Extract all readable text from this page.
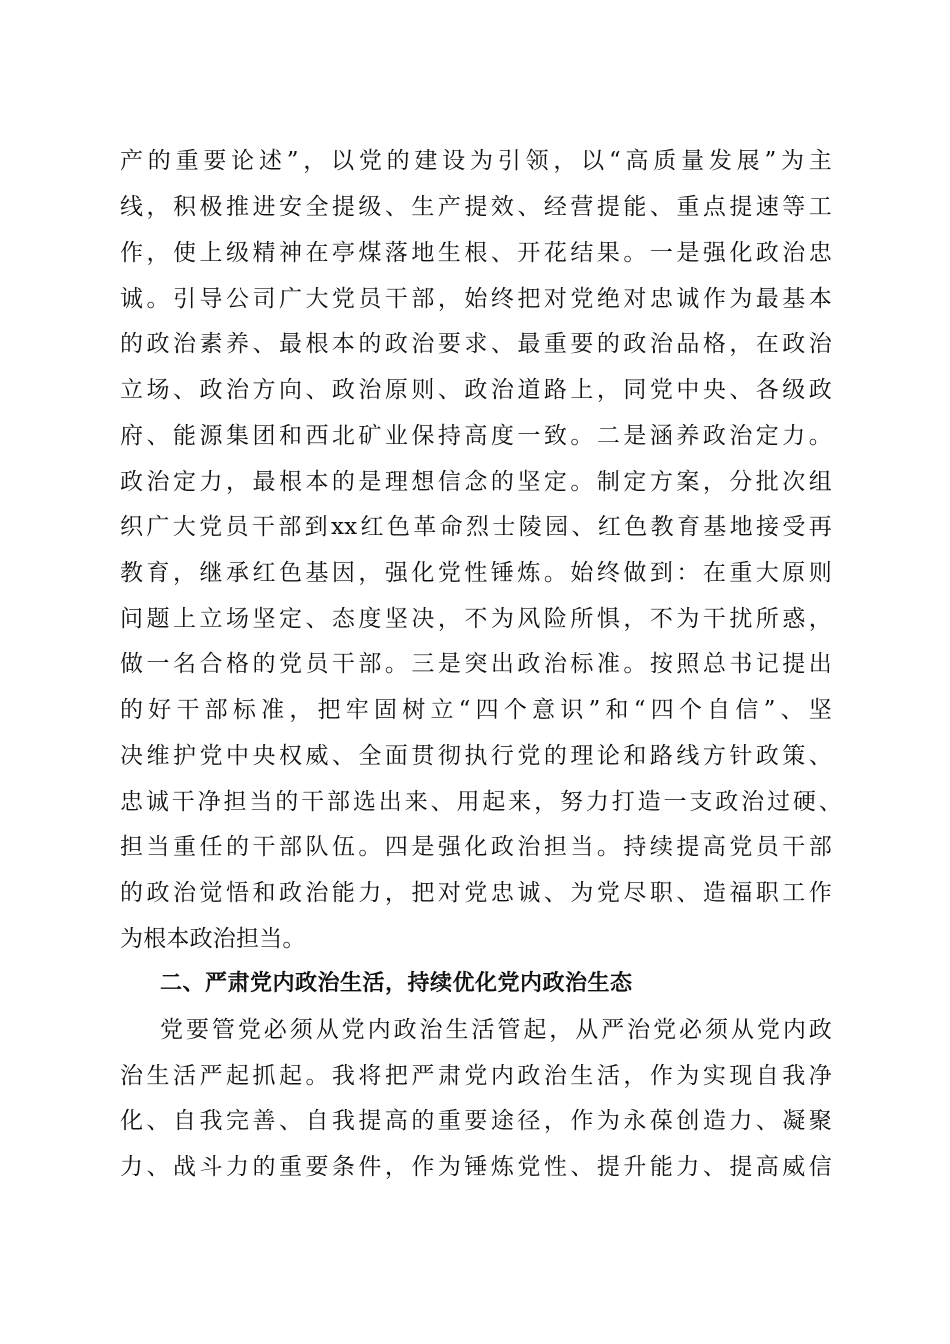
产的重要论述”，以党的建设为引领，以“高质量发展”为主
线，积极推进安全提级、生产提效、经营提能、重点提速等工
作，使上级精神在亭煤落地生根、开花结果。一是强化政治忠
诚。引导公司广大党员干部，始终把对党绝对忠诚作为最基本
的政治素养、最根本的政治要求、最重要的政治品格，在政治
立场、政治方向、政治原则、政治道路上，同党中央、各级政
府、能源集团和西北矿业保持高度一致。二是涵养政治定力。
政治定力，最根本的是理想信念的坚定。制定方案，分批次组
织广大党员干部到xx红色革命烈士陵园、红色教育基地接受再
教育，继承红色基因，强化党性锤炼。始终做到：在重大原则
问题上立场坚定、态度坚决，不为风险所惧，不为干扰所惑，
做一名合格的党员干部。三是突出政治标准。按照总书记提出
的好干部标准，把牢固树立“四个意识”和“四个自信”、坚
决维护党中央权威、全面贯彻执行党的理论和路线方针政策、
忠诚干净担当的干部选出来、用起来，努力打造一支政治过硬、
担当重任的干部队伍。四是强化政治担当。持续提高党员干部
的政治觉悟和政治能力，把对党忠诚、为党尽职、造福职工作
为根本政治担当。
二、严肃党内政治生活，持续优化党内政治生态
党要管党必须从党内政治生活管起，从严治党必须从党内政
治生活严起抓起。我将把严肃党内政治生活，作为实现自我净
化、自我完善、自我提高的重要途径，作为永葆创造力、凝聚
力、战斗力的重要条件，作为锤炼党性、提升能力、提高威信
